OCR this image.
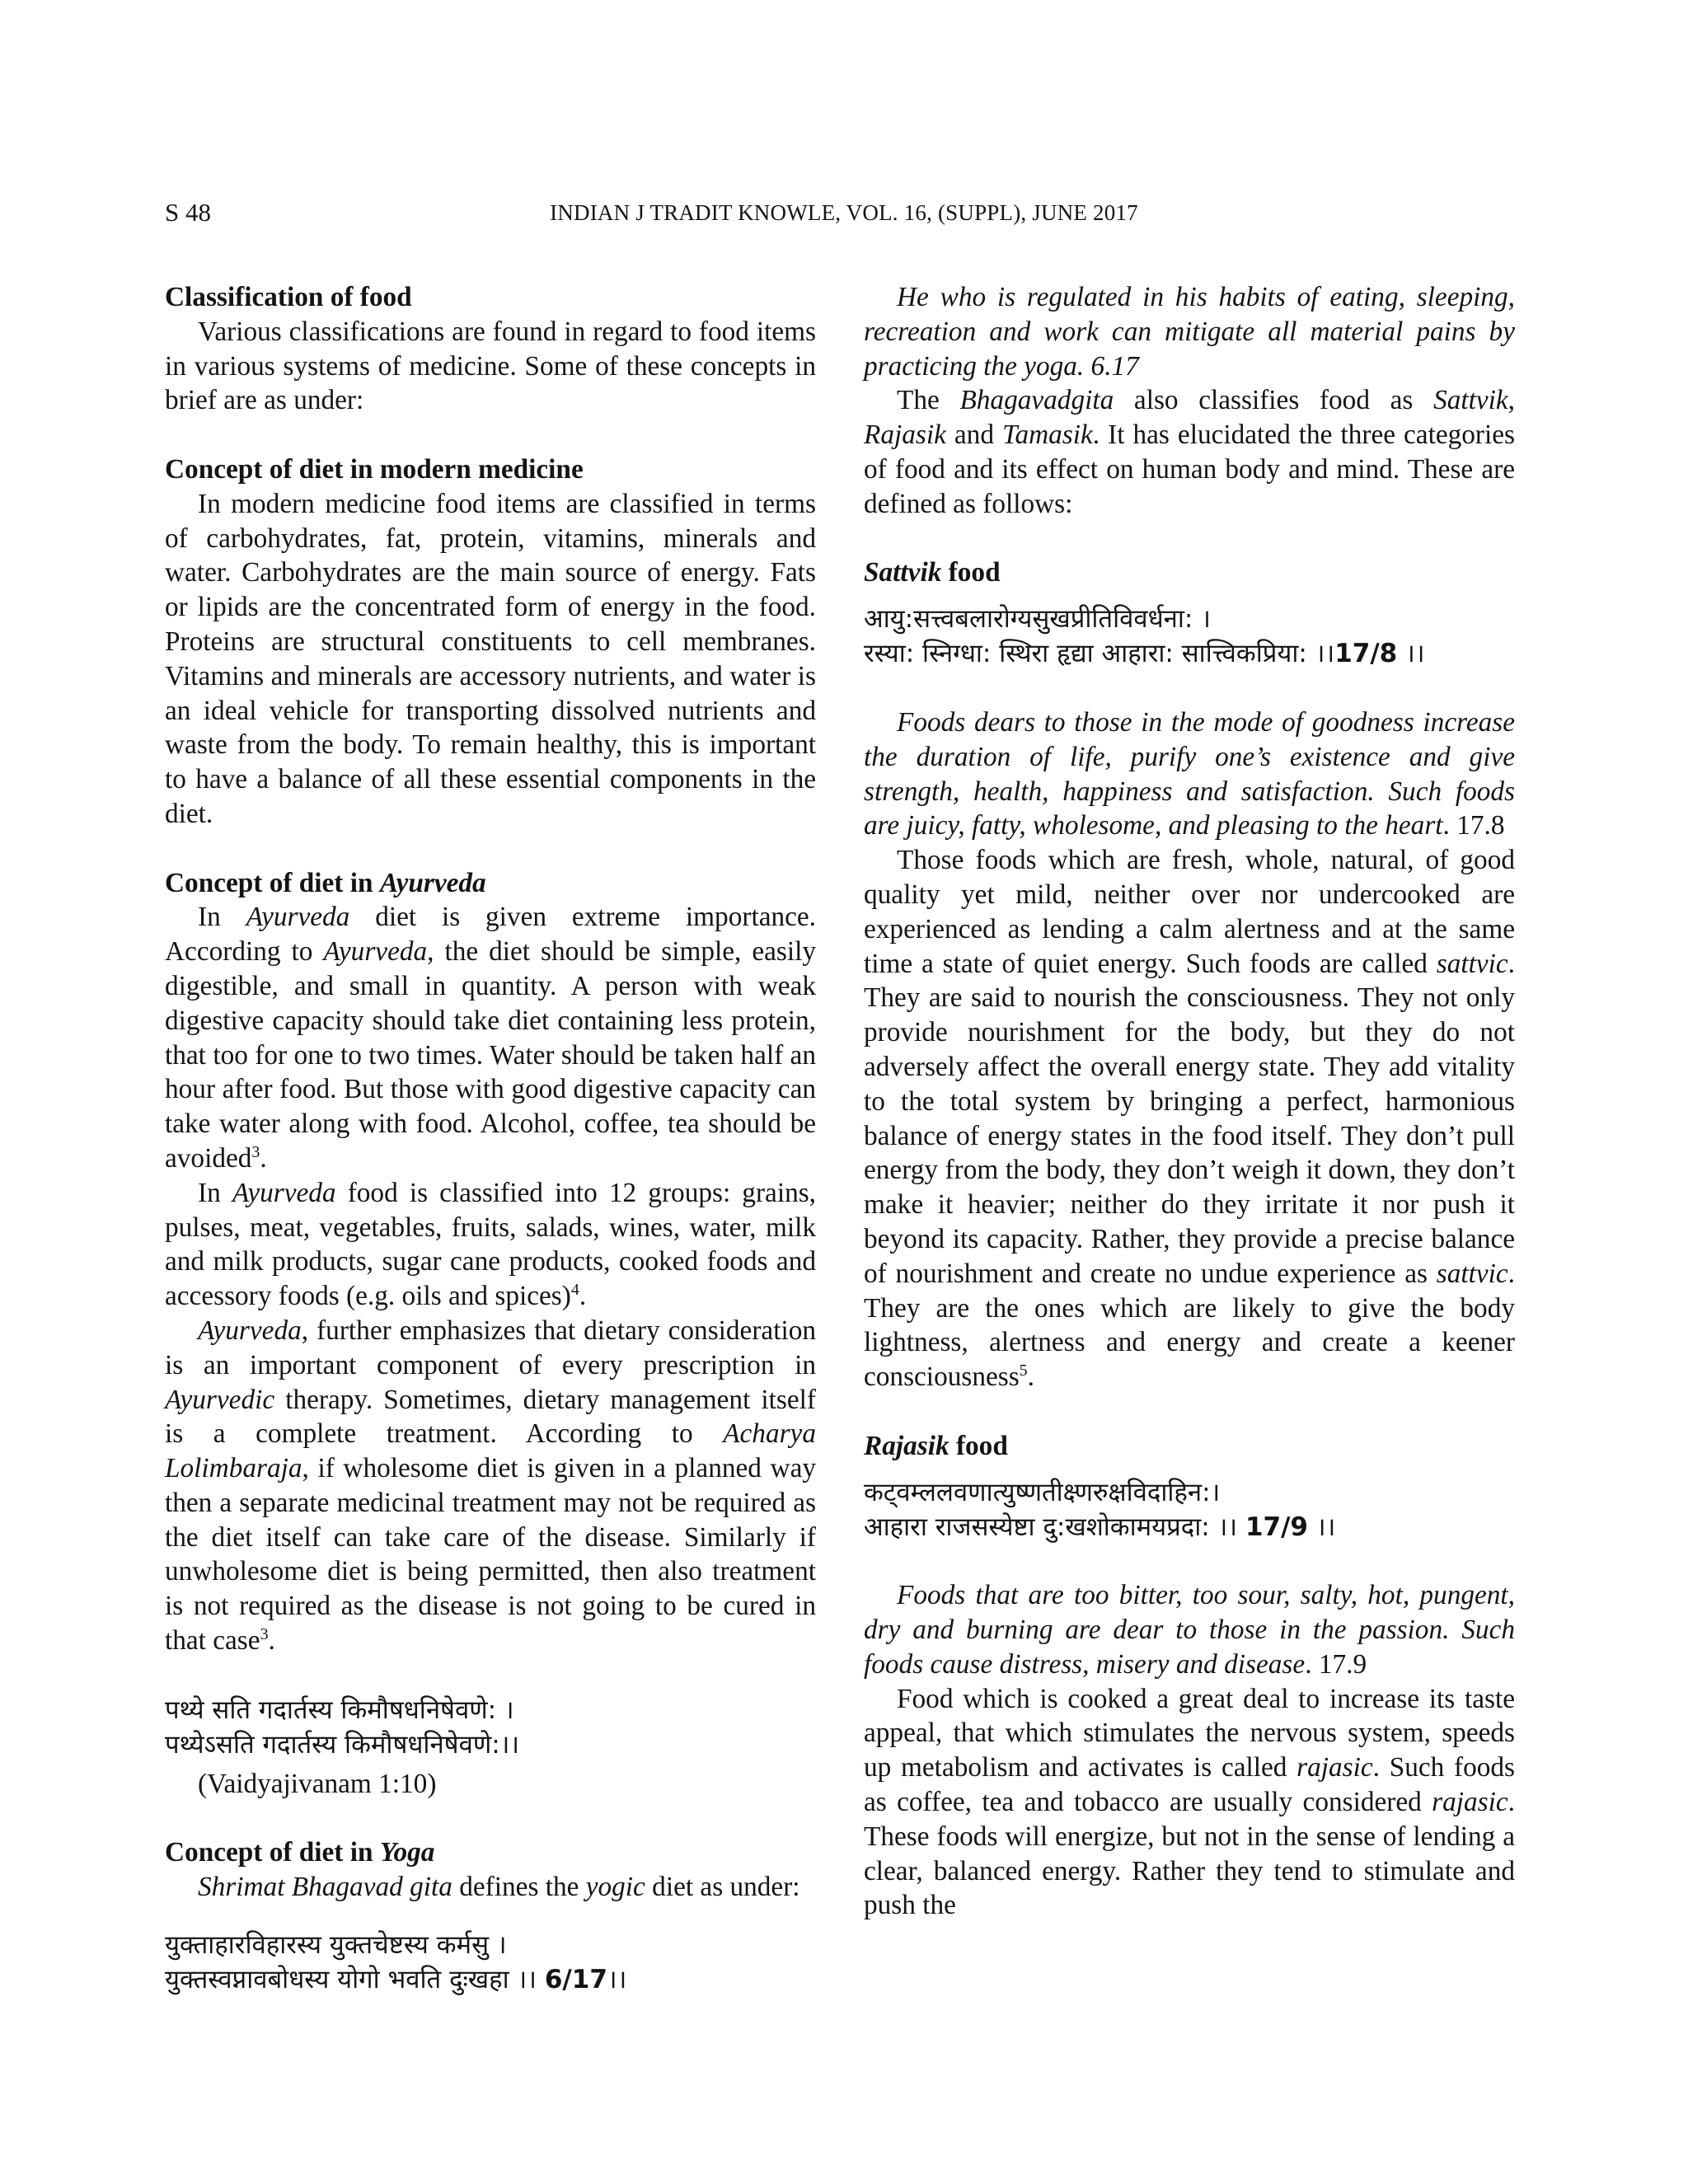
S 48	INDIAN J TRADIT KNOWLE, VOL. 16, (SUPPL), JUNE 2017
Classification of food

Various classifications are found in regard to food items in various systems of medicine. Some of these concepts in brief are as under:

Concept of diet in modern medicine

In modern medicine food items are classified in terms of carbohydrates, fat, protein, vitamins, minerals and water. Carbohydrates are the main source of energy. Fats or lipids are the concentrated form of energy in the food. Proteins are structural constituents to cell membranes. Vitamins and minerals are accessory nutrients, and water is an ideal vehicle for transporting dissolved nutrients and waste from the body. To remain healthy, this is important to have a balance of all these essential components in the diet.

Concept of diet in Ayurveda

In Ayurveda diet is given extreme importance. According to Ayurveda, the diet should be simple, easily digestible, and small in quantity. A person with weak digestive capacity should take diet containing less protein, that too for one to two times. Water should be taken half an hour after food. But those with good digestive capacity can take water along with food. Alcohol, coffee, tea should be avoided$^3$.

In Ayurveda food is classified into 12 groups: grains, pulses, meat, vegetables, fruits, salads, wines, water, milk and milk products, sugar cane products, cooked foods and accessory foods (e.g. oils and spices)$^4$.

Ayurveda, further emphasizes that dietary consideration is an important component of every prescription in Ayurvedic therapy. Sometimes, dietary management itself is a complete treatment. According to Acharya Lolimbaraja, if wholesome diet is given in a planned way then a separate medicinal treatment may not be required as the diet itself can take care of the disease. Similarly if unwholesome diet is being permitted, then also treatment is not required as the disease is not going to be cured in that case$^3$.

पथ्ये सति गदार्तस्य किमौषधनिषेवणे: ।

पथ्येऽसति गदार्तस्य किमौषधनिषेवणे:।।

(Vaidyajivanam 1:10)

Concept of diet in Yoga

Shrimat Bhagavad gita defines the yogic diet as under:

युक्ताहारविहारस्य युक्तचेष्टस्य कर्मसु ।

युक्तस्वप्नावबोधस्य योगो भवति दुःखहा ।। 6/17।।

He who is regulated in his habits of eating, sleeping, recreation and work can mitigate all material pains by practicing the yoga. 6.17

The Bhagavadgita also classifies food as Sattvik, Rajasik and Tamasik. It has elucidated the three categories of food and its effect on human body and mind. These are defined as follows:

Sattvik food

आयु:सत्त्वबलारोग्यसुखप्रीतिविवर्धना: ।

रस्या: स्निग्धा: स्थिरा हृद्या आहारा: सात्त्विकप्रिया: ।।17/8 ।।

Foods dears to those in the mode of goodness increase the duration of life, purify one’s existence and give strength, health, happiness and satisfaction. Such foods are juicy, fatty, wholesome, and pleasing to the heart. 17.8

Those foods which are fresh, whole, natural, of good quality yet mild, neither over nor undercooked are experienced as lending a calm alertness and at the same time a state of quiet energy. Such foods are called sattvic. They are said to nourish the consciousness. They not only provide nourishment for the body, but they do not adversely affect the overall energy state. They add vitality to the total system by bringing a perfect, harmonious balance of energy states in the food itself. They don’t pull energy from the body, they don’t weigh it down, they don’t make it heavier; neither do they irritate it nor push it beyond its capacity. Rather, they provide a precise balance of nourishment and create no undue experience as sattvic. They are the ones which are likely to give the body lightness, alertness and energy and create a keener consciousness$^5$.

Rajasik food

कट्वम्ललवणात्युष्णतीक्ष्णरुक्षविदाहिन:।

आहारा राजसस्येष्टा दु:खशोकामयप्रदा: ।। 17/9 ।।

Foods that are too bitter, too sour, salty, hot, pungent, dry and burning are dear to those in the passion. Such foods cause distress, misery and disease. 17.9

Food which is cooked a great deal to increase its taste appeal, that which stimulates the nervous system, speeds up metabolism and activates is called rajasic. Such foods as coffee, tea and tobacco are usually considered rajasic. These foods will energize, but not in the sense of lending a clear, balanced energy. Rather they tend to stimulate and push the
